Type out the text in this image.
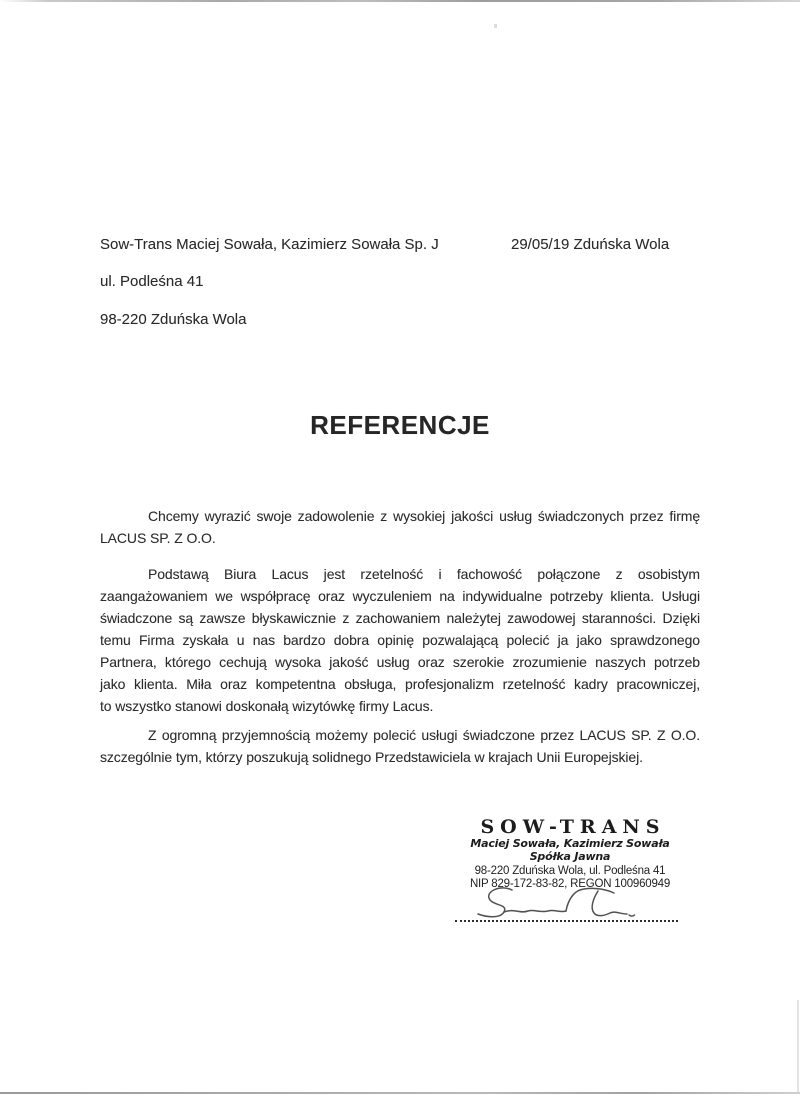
Sow-Trans Maciej Sowała, Kazimierz Sowała Sp. J	29/05/19 Zduńska Wola
ul. Podleśna 41
98-220 Zduńska Wola
REFERENCJE
Chcemy wyrazić swoje zadowolenie z wysokiej jakości usług świadczonych przez firmę
LACUS SP. Z O.O.
Podstawą Biura Lacus jest rzetelność i fachowość połączone z osobistym
zaangażowaniem we współpracę oraz wyczuleniem na indywidualne potrzeby klienta. Usługi
świadczone są zawsze błyskawicznie z zachowaniem należytej zawodowej staranności. Dzięki
temu Firma zyskała u nas bardzo dobra opinię pozwalającą polecić ja jako sprawdzonego
Partnera, którego cechują wysoka jakość usług oraz szerokie zrozumienie naszych potrzeb
jako klienta. Miła oraz kompetentna obsługa, profesjonalizm rzetelność kadry pracowniczej,
to wszystko stanowi doskonałą wizytówkę firmy Lacus.
Z ogromną przyjemnością możemy polecić usługi świadczone przez LACUS SP. Z O.O.
szczególnie tym, którzy poszukują solidnego Przedstawiciela w krajach Unii Europejskiej.
SOW-TRANS
Maciej Sowała, Kazimierz Sowała
Spółka Jawna
98-220 Zduńska Wola, ul. Podleśna 41
NIP 829-172-83-82, REGON 100960949
